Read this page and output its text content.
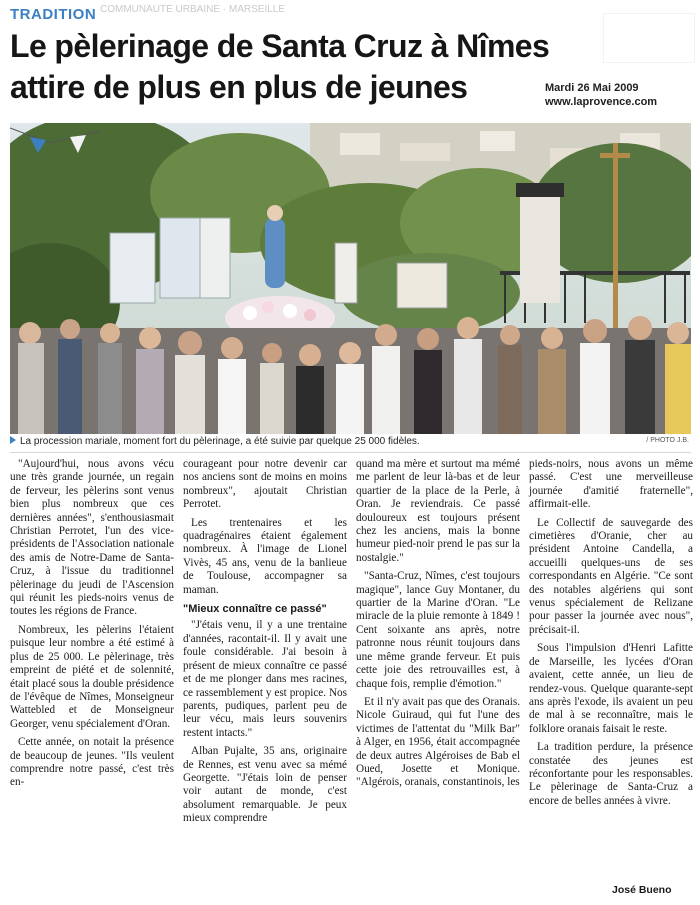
TRADITION COMMUNAUTÉ URBAINE · MARSEILLE
Le pèlerinage de Santa Cruz à Nîmes
attire de plus en plus de jeunes	Mardi 26 Mai 2009
www.laprovence.com
La procession mariale, moment fort du pèlerinage, a été suivie par quelque 25 000 fidèles.	/ PHOTO J.B.

"Aujourd'hui, nous avons vécu une très grande journée, un regain de ferveur, les pèlerins sont venus bien plus nombreux que ces dernières années", s'enthousiasmait Christian Perrotet, l'un des vice-présidents de l'Association nationale des amis de Notre-Dame de Santa-Cruz, à l'issue du traditionnel pèlerinage du jeudi de l'Ascension qui réunit les pieds-noirs venus de toutes les régions de France.

Nombreux, les pèlerins l'étaient puisque leur nombre a été estimé à plus de 25 000. Le pèlerinage, très empreint de piété et de solennité, était placé sous la double présidence de l'évêque de Nîmes, Monseigneur Wattebled et de Monseigneur Georger, venu spécialement d'Oran.

Cette année, on notait la présence de beaucoup de jeunes. "Ils veulent comprendre notre passé, c'est très en-

courageant pour notre devenir car nos anciens sont de moins en moins nombreux", ajoutait Christian Perrotet.

Les trentenaires et les quadragénaires étaient également nombreux. À l'image de Lionel Vivès, 45 ans, venu de la banlieue de Toulouse, accompagner sa maman.

"Mieux connaître ce passé"

"J'étais venu, il y a une trentaine d'années, racontait-il. Il y avait une foule considérable. J'ai besoin à présent de mieux connaître ce passé et de me plonger dans mes racines, ce rassemblement y est propice. Nos parents, pudiques, parlent peu de leur vécu, mais leurs souvenirs restent intacts."

Alban Pujalte, 35 ans, originaire de Rennes, est venu avec sa mémé Georgette. "J'étais loin de penser voir autant de monde, c'est absolument remarquable. Je peux mieux comprendre

quand ma mère et surtout ma mémé me parlent de leur là-bas et de leur quartier de la place de la Perle, à Oran. Je reviendrais. Ce passé douloureux est toujours présent chez les anciens, mais la bonne humeur pied-noir prend le pas sur la nostalgie."

"Santa-Cruz, Nîmes, c'est toujours magique", lance Guy Montaner, du quartier de la Marine d'Oran. "Le miracle de la pluie remonte à 1849 ! Cent soixante ans après, notre patronne nous réunit toujours dans une même grande ferveur. Et puis cette joie des retrouvailles est, à chaque fois, remplie d'émotion."

Et il n'y avait pas que des Oranais. Nicole Guiraud, qui fut l'une des victimes de l'attentat du "Milk Bar" à Alger, en 1956, était accompagnée de deux autres Algéroises de Bab el Oued, Josette et Monique. "Algérois, oranais, constantinois, les

pieds-noirs, nous avons un même passé. C'est une merveilleuse journée d'amitié fraternelle", affirmait-elle.

Le Collectif de sauvegarde des cimetières d'Oranie, cher au président Antoine Candella, a accueilli quelques-uns de ses correspondants en Algérie. "Ce sont des notables algériens qui sont venus spécialement de Relizane pour passer la journée avec nous", précisait-il.

Sous l'impulsion d'Henri Lafitte de Marseille, les lycées d'Oran avaient, cette année, un lieu de rendez-vous. Quelque quarante-sept ans après l'exode, ils avaient un peu de mal à se reconnaître, mais le folklore oranais faisait le reste.

La tradition perdure, la présence constatée des jeunes est réconfortante pour les responsables. Le pèlerinage de Santa-Cruz a encore de belles années à vivre.

José Bueno
